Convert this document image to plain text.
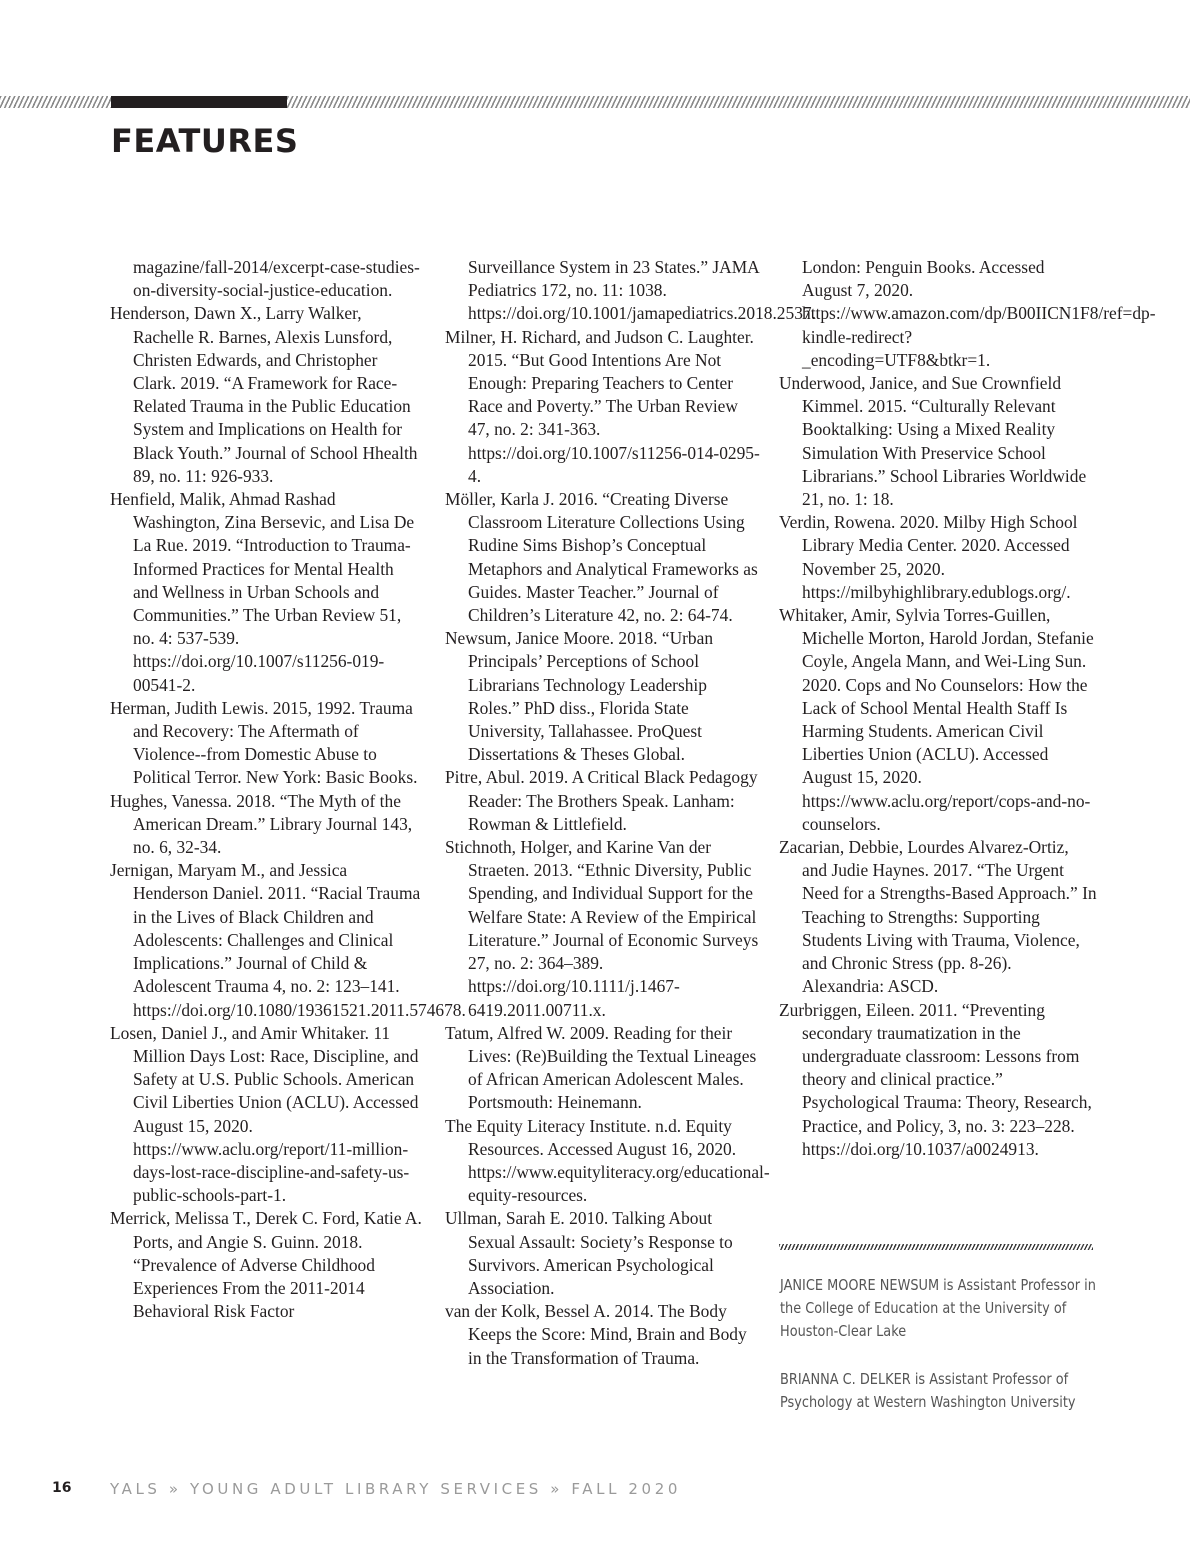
FEATURES

magazine/fall-2014/excerpt-case-studies-on-diversity-social-justice-education.

Henderson, Dawn X., Larry Walker, Rachelle R. Barnes, Alexis Lunsford, Christen Edwards, and Christopher Clark. 2019. “A Framework for Race-Related Trauma in the Public Education System and Implications on Health for Black Youth.” Journal of School Hhealth 89, no. 11: 926-933.

Henfield, Malik, Ahmad Rashad Washington, Zina Bersevic, and Lisa De La Rue. 2019. “Introduction to Trauma-Informed Practices for Mental Health and Wellness in Urban Schools and Communities.” The Urban Review 51, no. 4: 537-539. https://doi.org/10.1007/s11256-019-00541-2.

Herman, Judith Lewis. 2015, 1992. Trauma and Recovery: The Aftermath of Violence--from Domestic Abuse to Political Terror. New York: Basic Books.

Hughes, Vanessa. 2018. “The Myth of the American Dream.” Library Journal 143, no. 6, 32-34.

Jernigan, Maryam M., and Jessica Henderson Daniel. 2011. “Racial Trauma in the Lives of Black Children and Adolescents: Challenges and Clinical Implications.” Journal of Child & Adolescent Trauma 4, no. 2: 123–141. https://doi.org/10.1080/19361521.2011.574678.

Losen, Daniel J., and Amir Whitaker. 11 Million Days Lost: Race, Discipline, and Safety at U.S. Public Schools. American Civil Liberties Union (ACLU). Accessed August 15, 2020. https://www.aclu.org/report/11-million-days-lost-race-discipline-and-safety-us-public-schools-part-1.

Merrick, Melissa T., Derek C. Ford, Katie A. Ports, and Angie S. Guinn. 2018. “Prevalence of Adverse Childhood Experiences From the 2011-2014 Behavioral Risk Factor

Surveillance System in 23 States.” JAMA Pediatrics 172, no. 11: 1038. https://doi.org/10.1001/jamapediatrics.2018.2537.

Milner, H. Richard, and Judson C. Laughter. 2015. “But Good Intentions Are Not Enough: Preparing Teachers to Center Race and Poverty.” The Urban Review 47, no. 2: 341-363. https://doi.org/10.1007/s11256-014-0295-4.

Möller, Karla J. 2016. “Creating Diverse Classroom Literature Collections Using Rudine Sims Bishop’s Conceptual Metaphors and Analytical Frameworks as Guides. Master Teacher.” Journal of Children’s Literature 42, no. 2: 64-74.

Newsum, Janice Moore. 2018. “Urban Principals’ Perceptions of School Librarians Technology Leadership Roles.” PhD diss., Florida State University, Tallahassee. ProQuest Dissertations & Theses Global.

Pitre, Abul. 2019. A Critical Black Pedagogy Reader: The Brothers Speak. Lanham: Rowman & Littlefield.

Stichnoth, Holger, and Karine Van der Straeten. 2013. “Ethnic Diversity, Public Spending, and Individual Support for the Welfare State: A Review of the Empirical Literature.” Journal of Economic Surveys 27, no. 2: 364–389. https://doi.org/10.1111/j.1467-6419.2011.00711.x.

Tatum, Alfred W. 2009. Reading for their Lives: (Re)Building the Textual Lineages of African American Adolescent Males. Portsmouth: Heinemann.

The Equity Literacy Institute. n.d. Equity Resources. Accessed August 16, 2020. https://www.equityliteracy.org/educational-equity-resources.

Ullman, Sarah E. 2010. Talking About Sexual Assault: Society’s Response to Survivors. American Psychological Association.

van der Kolk, Bessel A. 2014. The Body Keeps the Score: Mind, Brain and Body in the Transformation of Trauma.

London: Penguin Books. Accessed August 7, 2020. https://www.amazon.com/dp/B00IICN1F8/ref=dp-kindle-redirect?_encoding=UTF8&btkr=1.

Underwood, Janice, and Sue Crownfield Kimmel. 2015. “Culturally Relevant Booktalking: Using a Mixed Reality Simulation With Preservice School Librarians.” School Libraries Worldwide 21, no. 1: 18.

Verdin, Rowena. 2020. Milby High School Library Media Center. 2020. Accessed November 25, 2020. https://milbyhighlibrary.edublogs.org/.

Whitaker, Amir, Sylvia Torres-Guillen, Michelle Morton, Harold Jordan, Stefanie Coyle, Angela Mann, and Wei-Ling Sun. 2020. Cops and No Counselors: How the Lack of School Mental Health Staff Is Harming Students. American Civil Liberties Union (ACLU). Accessed August 15, 2020. https://www.aclu.org/report/cops-and-no-counselors.

Zacarian, Debbie, Lourdes Alvarez-Ortiz, and Judie Haynes. 2017. “The Urgent Need for a Strengths-Based Approach.” In Teaching to Strengths: Supporting Students Living with Trauma, Violence, and Chronic Stress (pp. 8-26). Alexandria: ASCD.

Zurbriggen, Eileen. 2011. “Preventing secondary traumatization in the undergraduate classroom: Lessons from theory and clinical practice.” Psychological Trauma: Theory, Research, Practice, and Policy, 3, no. 3: 223–228. https://doi.org/10.1037/a0024913.

JANICE MOORE NEWSUM is Assistant Professor in the College of Education at the University of Houston-Clear Lake

BRIANNA C. DELKER is Assistant Professor of Psychology at Western Washington University

16	YALS » YOUNG ADULT LIBRARY SERVICES » FALL 2020
